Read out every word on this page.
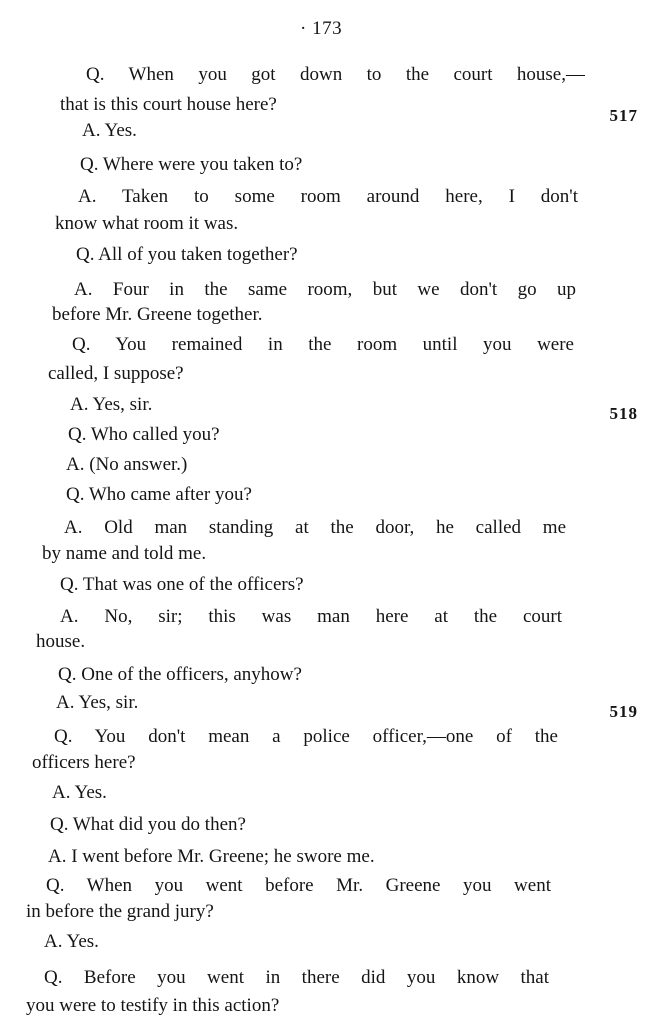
· 173
517
518
519
Q. When you got down to the court house,—
that is this court house here?
A. Yes.
Q. Where were you taken to?
A. Taken to some room around here, I don't
know what room it was.
Q. All of you taken together?
A. Four in the same room, but we don't go up
before Mr. Greene together.
Q. You remained in the room until you were
called, I suppose?
A. Yes, sir.
Q. Who called you?
A. (No answer.)
Q. Who came after you?
A. Old man standing at the door, he called me
by name and told me.
Q. That was one of the officers?
A. No, sir; this was man here at the court
house.
Q. One of the officers, anyhow?
A. Yes, sir.
Q. You don't mean a police officer,—one of the
officers here?
A. Yes.
Q. What did you do then?
A. I went before Mr. Greene; he swore me.
Q. When you went before Mr. Greene you went
in before the grand jury?
A. Yes.
Q. Before you went in there did you know that
you were to testify in this action?
